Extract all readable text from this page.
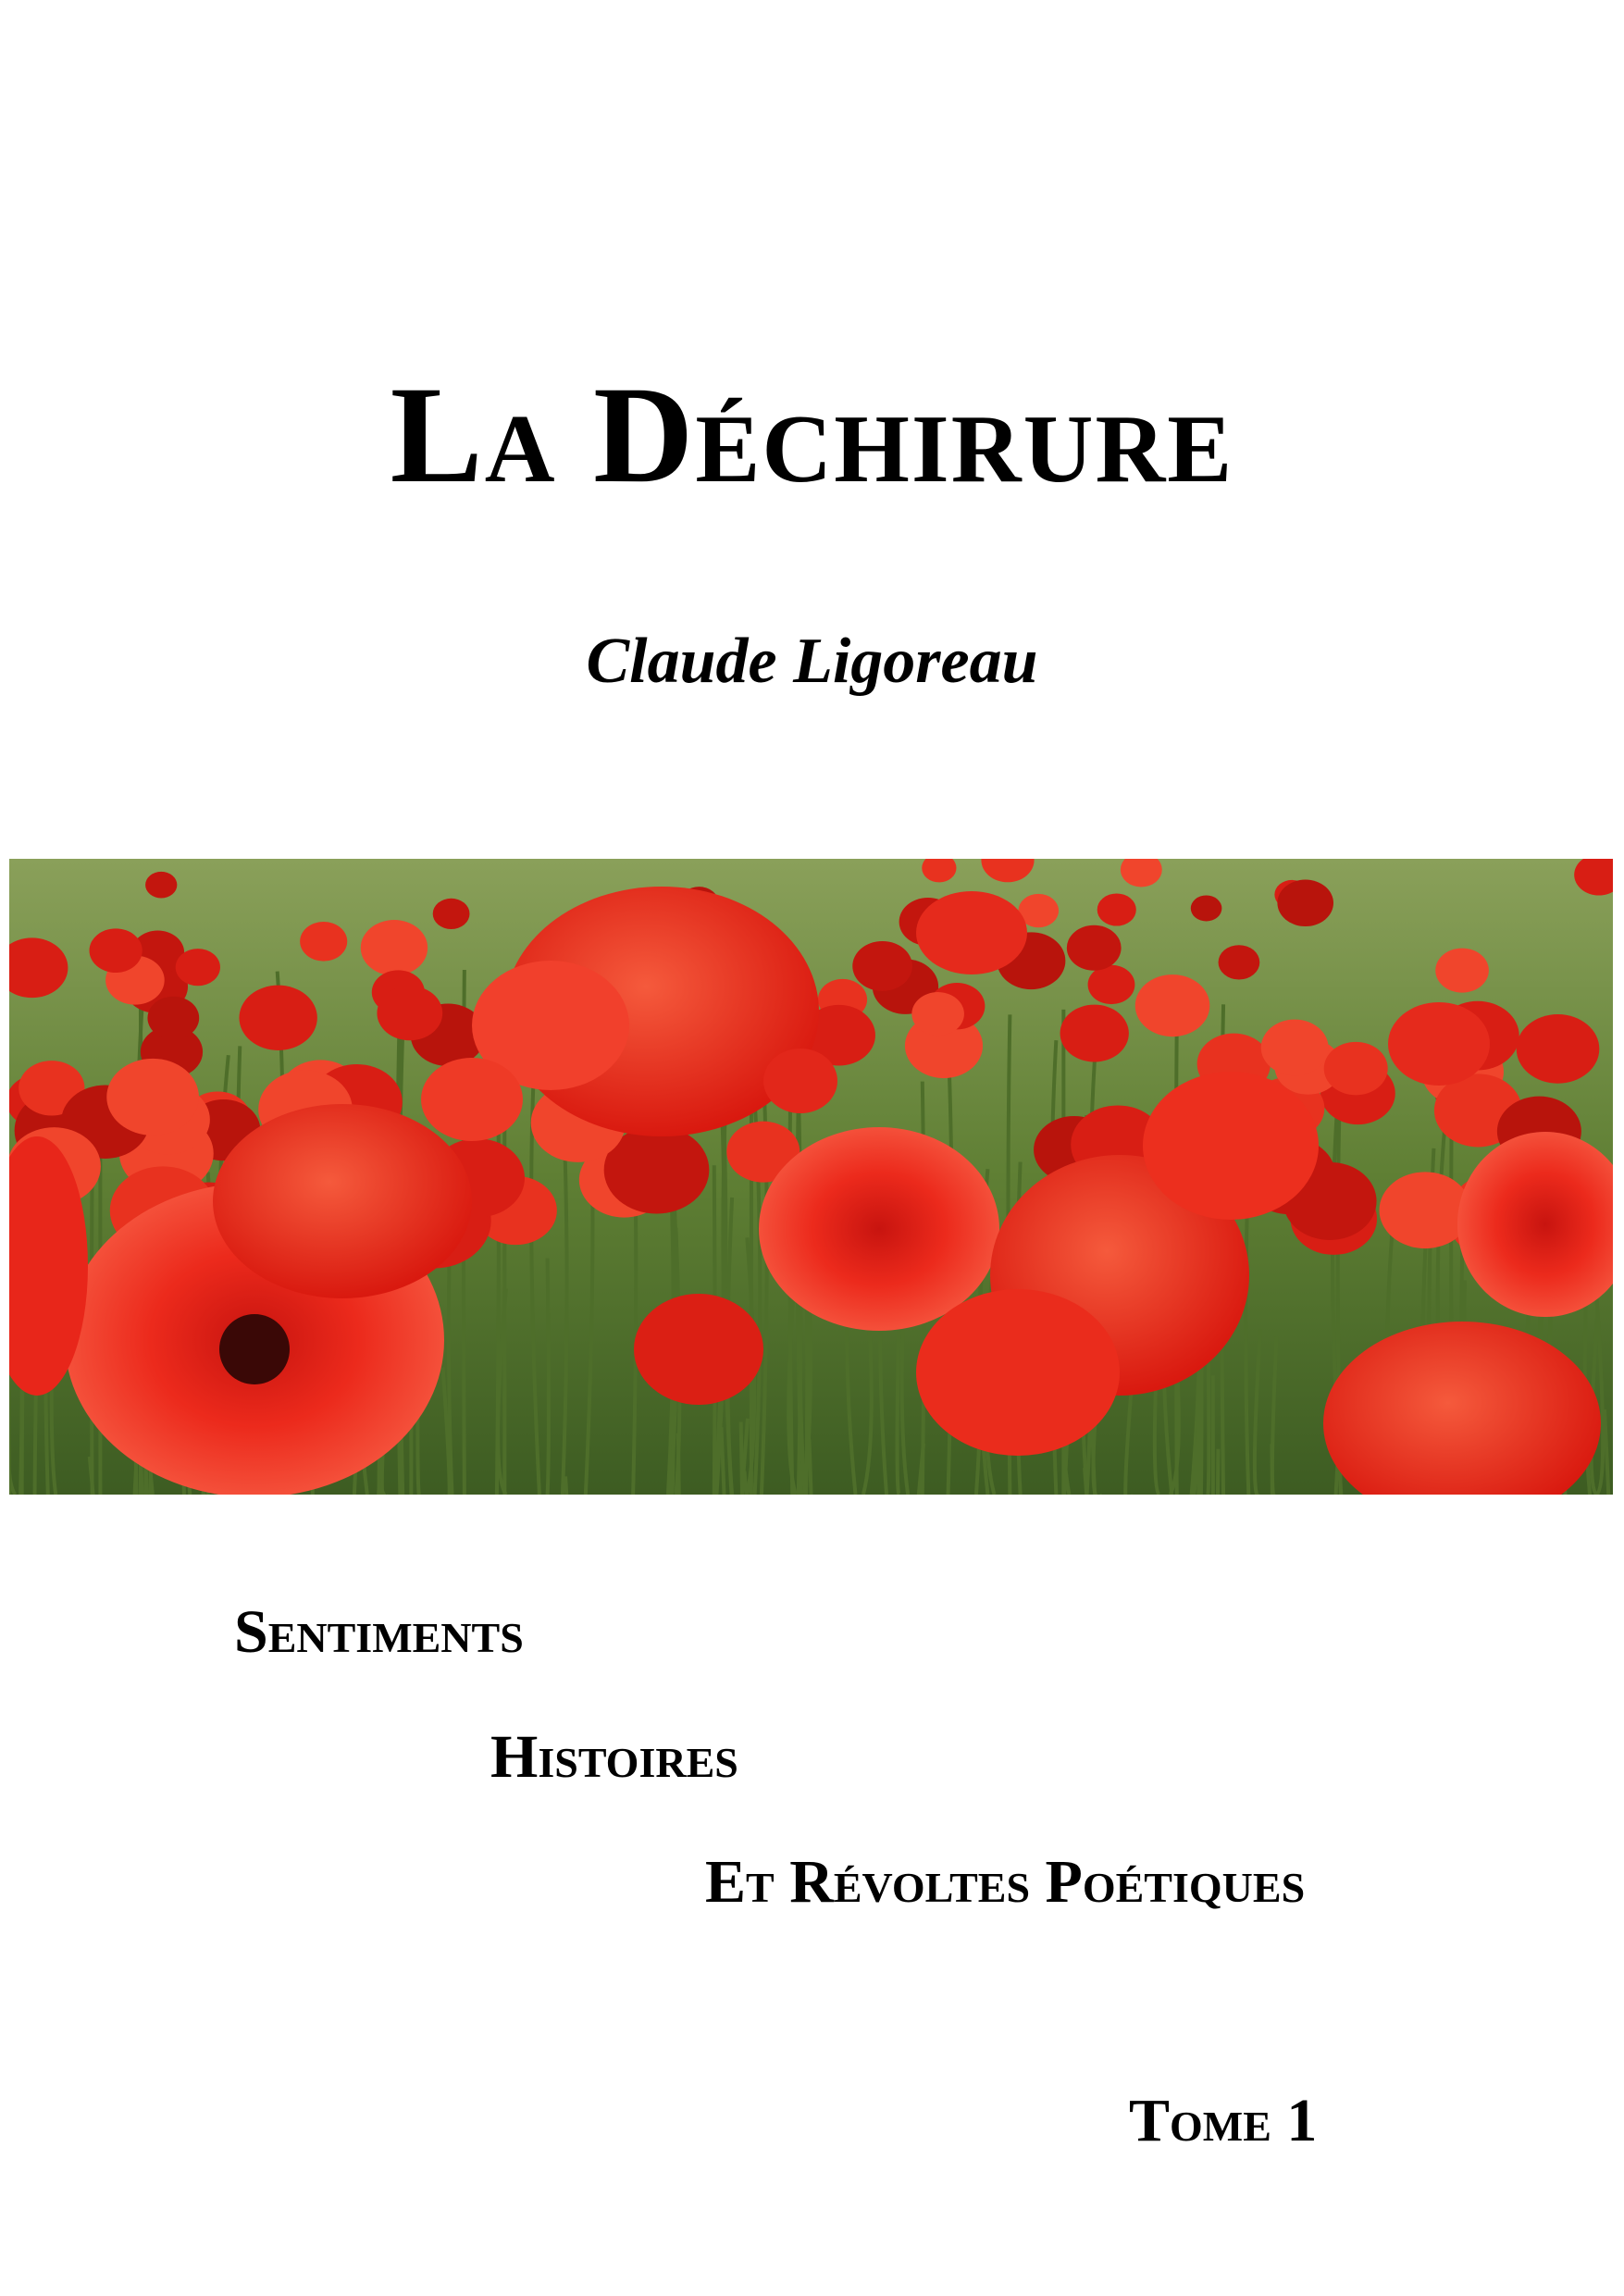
La Déchirure
Claude Ligoreau
Sentiments
Histoires
Et Révoltes Poétiques
Tome 1
